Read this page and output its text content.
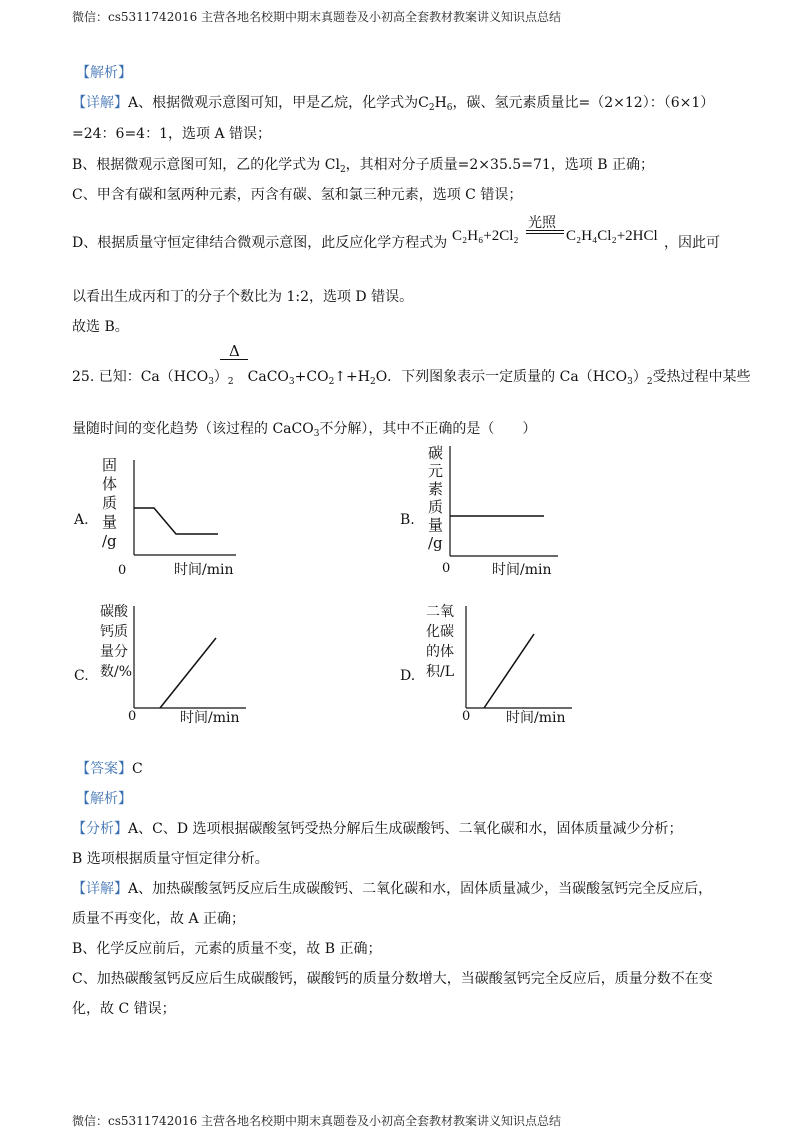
微信：cs5311742016 主营各地名校期中期末真题卷及小初高全套教材教案讲义知识点总结
【解析】
【详解】A、根据微观示意图可知，甲是乙烷，化学式为$C_2H_6$，碳、氢元素质量比=（2×12）：（6×1）
=24：6=4：1，选项 A 错误；
B、根据微观示意图可知，乙的化学式为 $Cl_2$，其相对分子质量=2×35.5=71，选项 B 正确；
C、甲含有碳和氢两种元素，丙含有碳、氢和氯三种元素，选项 C 错误；
D、根据质量守恒定律结合微观示意图，此反应化学方程式为 C₂H₆+2Cl₂
光照
C₂H₄Cl₂+2HCl ，因此可
以看出生成丙和丁的分子个数比为 1:2，选项 D 错误。
故选 B。
Δ
25. 已知：$Ca(HCO_3)_2$　 $CaCO_3+CO_2↑+H_2O$．下列图象表示一定质量的 $Ca(HCO_3)_2$受热过程中某些
量随时间的变化趋势（该过程的 CaCO$_3$不分解），其中不正确的是（　　）
A.
固
体
质
量
/g
0	时间/min
B.
碳
元
素
质
量
/g
0	时间/min
C.
碳酸
钙质
量分
数/%
0	时间/min
D.
二氧
化碳
的体
积/L
0	时间/min
【答案】C
【解析】
【分析】A、C、D 选项根据碳酸氢钙受热分解后生成碳酸钙、二氧化碳和水，固体质量减少分析；
B 选项根据质量守恒定律分析。
【详解】A、加热碳酸氢钙反应后生成碳酸钙、二氧化碳和水，固体质量减少，当碳酸氢钙完全反应后，
质量不再变化，故 A 正确；
B、化学反应前后，元素的质量不变，故 B 正确；
C、加热碳酸氢钙反应后生成碳酸钙，碳酸钙的质量分数增大，当碳酸氢钙完全反应后，质量分数不在变
化，故 C 错误；
微信：cs5311742016 主营各地名校期中期末真题卷及小初高全套教材教案讲义知识点总结
